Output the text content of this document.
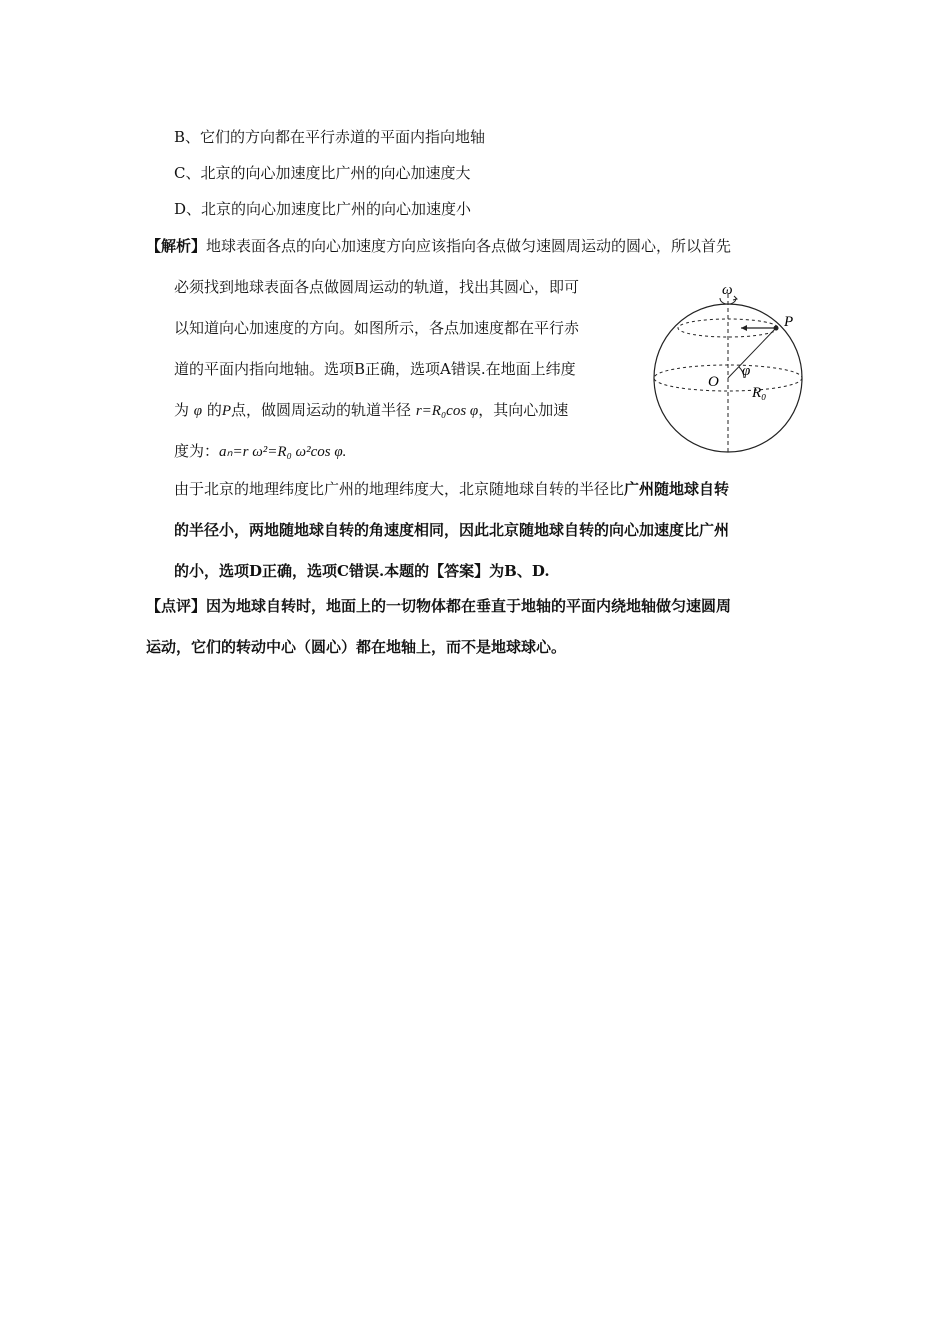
B、它们的方向都在平行赤道的平面内指向地轴
C、北京的向心加速度比广州的向心加速度大
D、北京的向心加速度比广州的向心加速度小
【解析】地球表面各点的向心加速度方向应该指向各点做匀速圆周运动的圆心，所以首先
必须找到地球表面各点做圆周运动的轨道，找出其圆心，即可
以知道向心加速度的方向。如图所示，各点加速度都在平行赤
道的平面内指向地轴。选项B正确，选项A错误.在地面上纬度
为 φ 的P点，做圆周运动的轨道半径 r=R₀cos φ，其向心加速
度为：aₙ=r ω²=R₀ ω²cos φ.
由于北京的地理纬度比广州的地理纬度大，北京随地球自转的半径比广州随地球自转
的半径小，两地随地球自转的角速度相同，因此北京随地球自转的向心加速度比广州
的小，选项D正确，选项C错误.本题的【答案】为B、D.
【点评】因为地球自转时，地面上的一切物体都在垂直于地轴的平面内绕地轴做匀速圆周
运动，它们的转动中心（圆心）都在地轴上，而不是地球球心。
P
ω
O
φ
R₀
